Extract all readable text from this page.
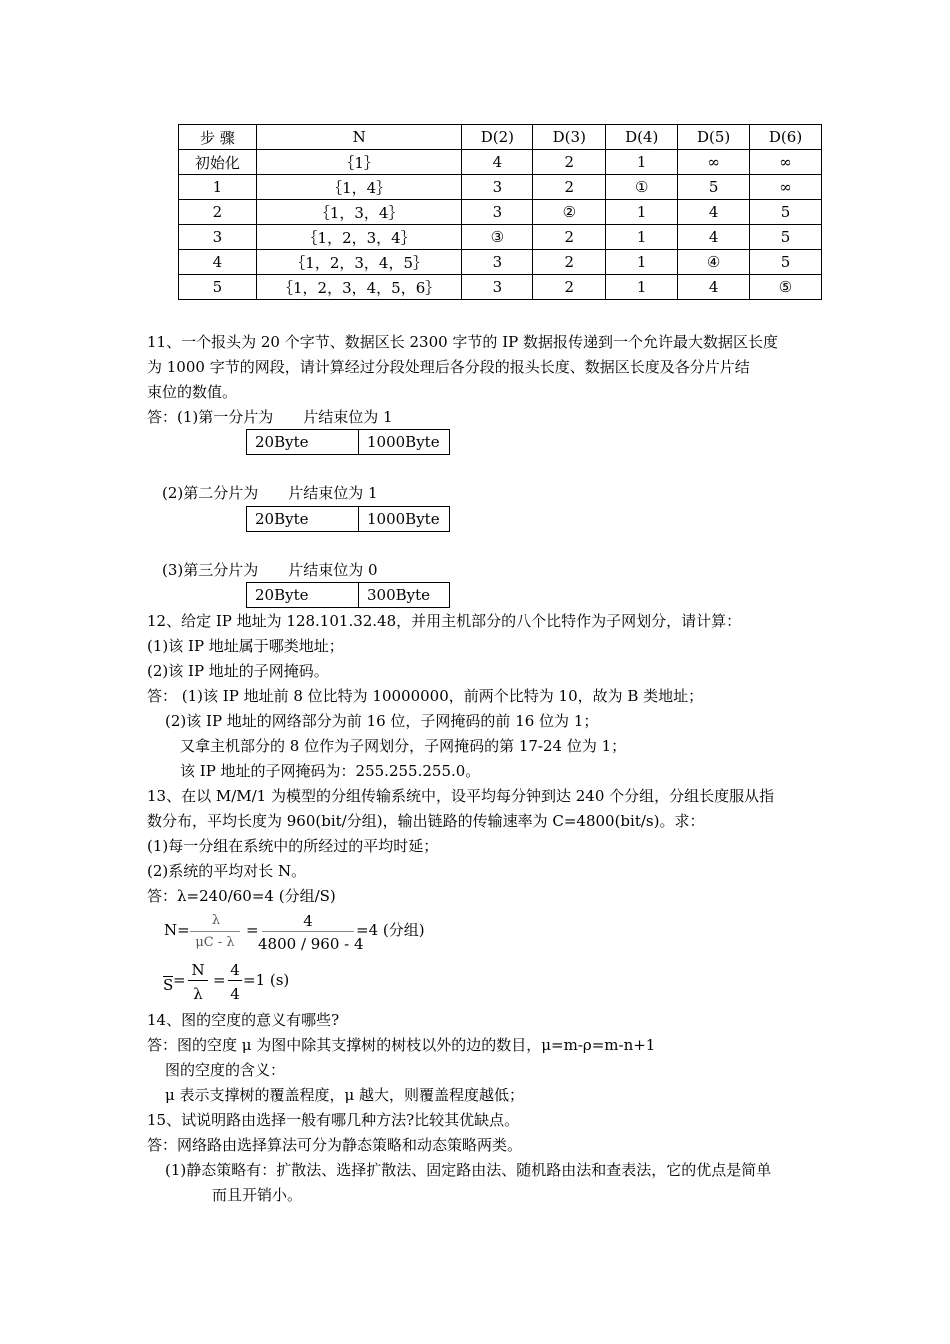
步 骤	N	D(2)	D(3)	D(4)	D(5)	D(6)
初始化	｛1｝	4	2	1	∞	∞
1	｛1，4｝	3	2	①	5	∞
2	｛1，3，4｝	3	②	1	4	5
3	｛1，2，3，4｝	③	2	1	4	5
4	｛1，2，3，4，5｝	3	2	1	④	5
5	｛1，2，3，4，5，6｝	3	2	1	4	⑤
11、一个报头为 20 个字节、数据区长 2300 字节的 IP 数据报传递到一个允许最大数据区长度
为 1000 字节的网段，请计算经过分段处理后各分段的报头长度、数据区长度及各分片片结
束位的数值。
答：(1)第一分片为　　片结束位为 1
20Byte	1000Byte
(2)第二分片为　　片结束位为 1
20Byte	1000Byte
(3)第三分片为　　片结束位为 0
20Byte	300Byte
12、给定 IP 地址为 128.101.32.48，并用主机部分的八个比特作为子网划分，请计算：
(1)该 IP 地址属于哪类地址；
(2)该 IP 地址的子网掩码。
答： (1)该 IP 地址前 8 位比特为 10000000，前两个比特为 10，故为 B 类地址；
(2)该 IP 地址的网络部分为前 16 位，子网掩码的前 16 位为 1；
又拿主机部分的 8 位作为子网划分，子网掩码的第 17-24 位为 1；
该 IP 地址的子网掩码为：255.255.255.0。
13、在以 M/M/1 为模型的分组传输系统中，设平均每分钟到达 240 个分组，分组长度服从指
数分布，平均长度为 960(bit/分组)，输出链路的传输速率为 C=4800(bit/s)。求：
(1)每一分组在系统中的所经过的平均时延；
(2)系统的平均对长 N。
答：λ=240/60=4 (分组/S)
N=
λ
μC - λ
=	4
4800 / 960 - 4
=4 (分组)
S =
N
λ
=
4
4
=1 (s)
14、图的空度的意义有哪些?
答：图的空度 μ 为图中除其支撑树的树枝以外的边的数目，μ=m-ρ=m-n+1
图的空度的含义：
μ 表示支撑树的覆盖程度，μ 越大，则覆盖程度越低；
15、试说明路由选择一般有哪几种方法?比较其优缺点。
答：网络路由选择算法可分为静态策略和动态策略两类。
(1)静态策略有：扩散法、选择扩散法、固定路由法、随机路由法和查表法，它的优点是简单
而且开销小。
